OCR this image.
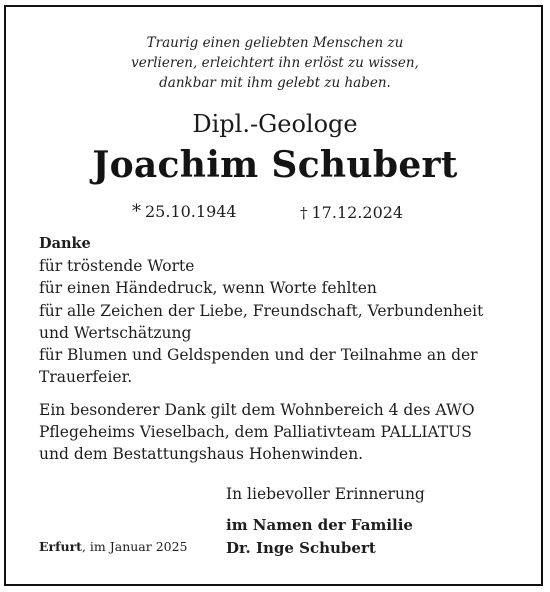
Traurig einen geliebten Menschen zu
verlieren, erleichtert ihn erlöst zu wissen,
dankbar mit ihm gelebt zu haben.
Dipl.-Geologe
Joachim Schubert
* 25.10.1944	† 17.12.2024
Danke
für tröstende Worte
für einen Händedruck, wenn Worte fehlten
für alle Zeichen der Liebe, Freundschaft, Verbundenheit
und Wertschätzung
für Blumen und Geldspenden und der Teilnahme an der
Trauerfeier.
Ein besonderer Dank gilt dem Wohnbereich 4 des AWO
Pflegeheims Vieselbach, dem Palliativteam PALLIATUS
und dem Bestattungshaus Hohenwinden.
In liebevoller Erinnerung
im Namen der Familie
Dr. Inge Schubert
Erfurt, im Januar 2025
